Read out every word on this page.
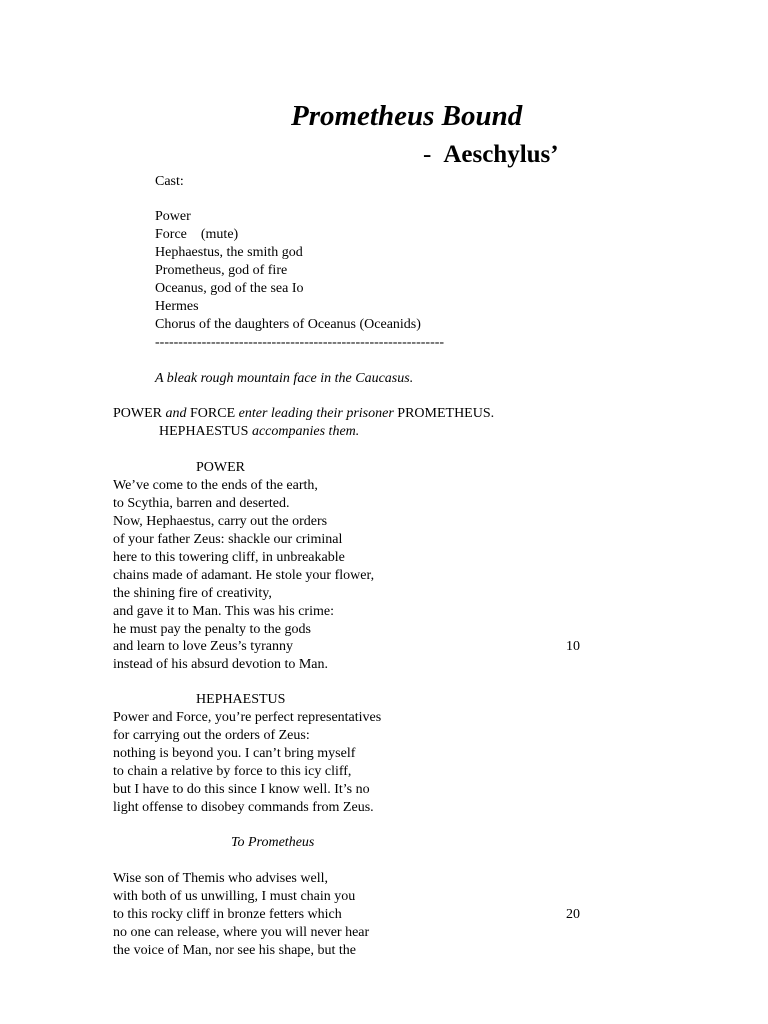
Prometheus Bound
- Aeschylus’
Cast:
Power
Force    (mute)
Hephaestus, the smith god
Prometheus, god of fire
Oceanus, god of the sea Io
Hermes
Chorus of the daughters of Oceanus (Oceanids)
--------------------------------------------------------------
A bleak rough mountain face in the Caucasus.
POWER and FORCE enter leading their prisoner PROMETHEUS.
HEPHAESTUS accompanies them.
POWER
We’ve come to the ends of the earth,
to Scythia, barren and deserted.
Now, Hephaestus, carry out the orders
of your father Zeus: shackle our criminal
here to this towering cliff, in unbreakable
chains made of adamant. He stole your flower,
the shining fire of creativity,
and gave it to Man. This was his crime:
he must pay the penalty to the gods
and learn to love Zeus’s tyranny	10
instead of his absurd devotion to Man.
HEPHAESTUS
Power and Force, you’re perfect representatives
for carrying out the orders of Zeus:
nothing is beyond you. I can’t bring myself
to chain a relative by force to this icy cliff,
but I have to do this since I know well. It’s no
light offense to disobey commands from Zeus.
To Prometheus
Wise son of Themis who advises well,
with both of us unwilling, I must chain you
to this rocky cliff in bronze fetters which	20
no one can release, where you will never hear
the voice of Man, nor see his shape, but the
